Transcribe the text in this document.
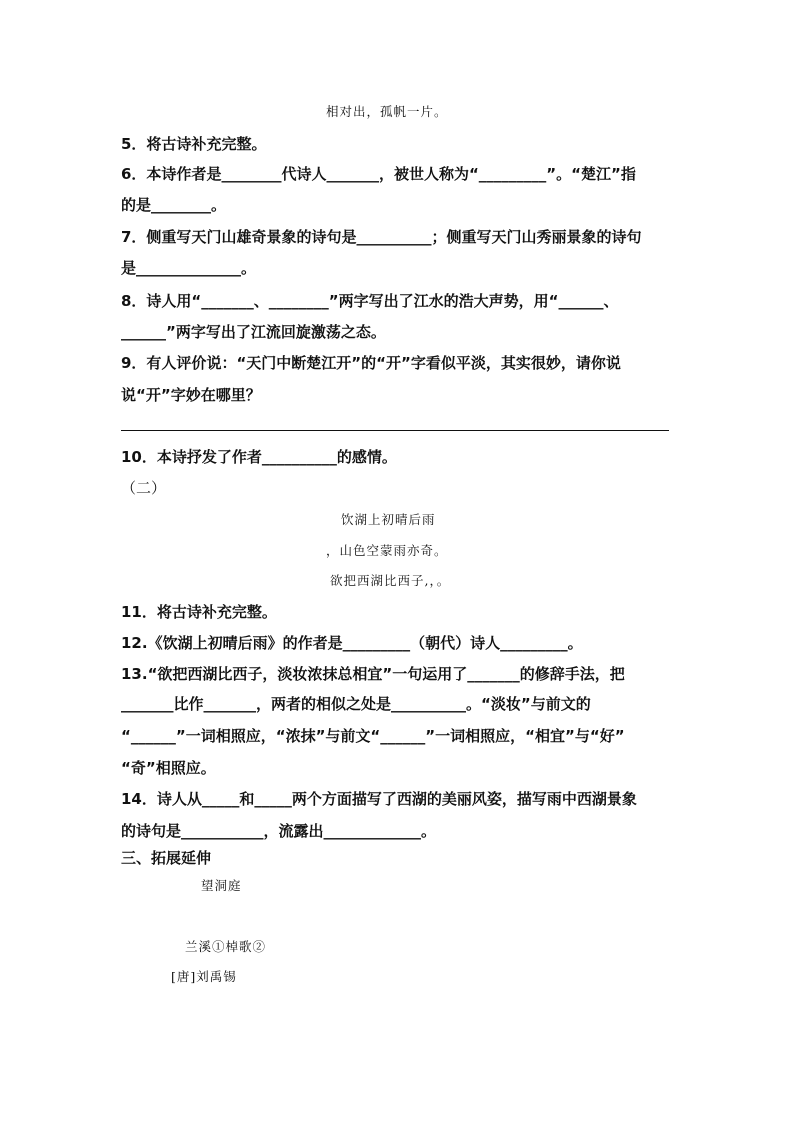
相对出，孤帆一片。
5．将古诗补充完整。
6．本诗作者是________代诗人_______，被世人称为“_________”。“楚江”指
的是________。
7．侧重写天门山雄奇景象的诗句是__________；侧重写天门山秀丽景象的诗句
是______________。
8．诗人用“_______、________”两字写出了江水的浩大声势，用“______、
______”两字写出了江流回旋激荡之态。
9．有人评价说：“天门中断楚江开”的“开”字看似平淡，其实很妙，请你说
说“开”字妙在哪里？
10．本诗抒发了作者__________的感情。
（二）
饮湖上初晴后雨
，山色空蒙雨亦奇。
欲把西湖比西子,，。
11．将古诗补充完整。
12.《饮湖上初晴后雨》的作者是_________（朝代）诗人_________。
13.“欲把西湖比西子，淡妆浓抹总相宜”一句运用了_______的修辞手法，把
_______比作_______，两者的相似之处是__________。“淡妆”与前文的
“______”一词相照应，“浓抹”与前文“______”一词相照应，“相宜”与“好”
“奇”相照应。
14．诗人从_____和_____两个方面描写了西湖的美丽风姿，描写雨中西湖景象
的诗句是___________，流露出_____________。
三、拓展延伸
望洞庭
兰溪①棹歌②
[唐]刘禹锡
